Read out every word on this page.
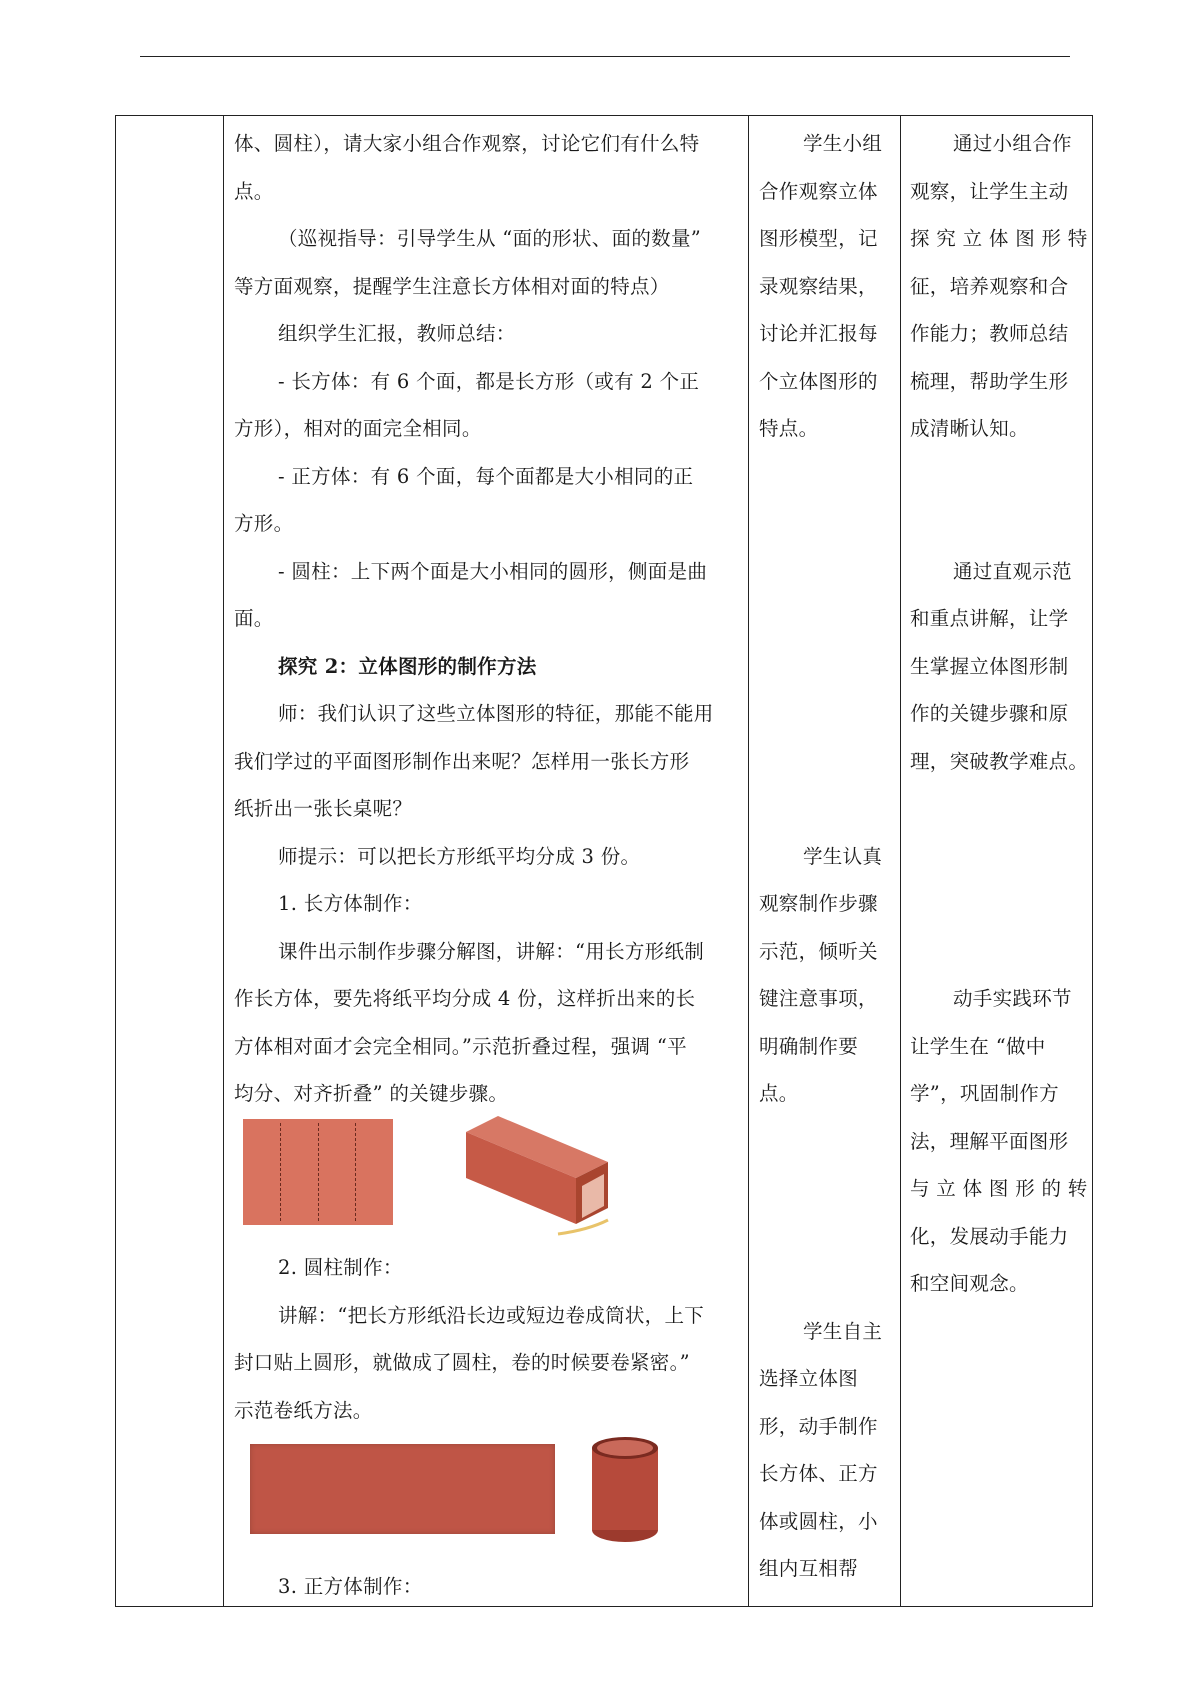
体、圆柱），请大家小组合作观察，讨论它们有什么特
点。
（巡视指导：引导学生从 “面的形状、面的数量”
等方面观察，提醒学生注意长方体相对面的特点）
组织学生汇报，教师总结：
- 长方体：有 6 个面，都是长方形（或有 2 个正
方形），相对的面完全相同。
- 正方体：有 6 个面，每个面都是大小相同的正
方形。
- 圆柱：上下两个面是大小相同的圆形，侧面是曲
面。
探究 2：立体图形的制作方法
师：我们认识了这些立体图形的特征，那能不能用
我们学过的平面图形制作出来呢？怎样用一张长方形
纸折出一张长桌呢？
师提示：可以把长方形纸平均分成 3 份。
1. 长方体制作：
课件出示制作步骤分解图，讲解：“用长方形纸制
作长方体，要先将纸平均分成 4 份，这样折出来的长
方体相对面才会完全相同。”示范折叠过程，强调 “平
均分、对齐折叠” 的关键步骤。
2. 圆柱制作：
讲解：“把长方形纸沿长边或短边卷成筒状，上下
封口贴上圆形，就做成了圆柱，卷的时候要卷紧密。”
示范卷纸方法。
3. 正方体制作：
学生小组
合作观察立体
图形模型，记
录观察结果，
讨论并汇报每
个立体图形的
特点。
学生认真
观察制作步骤
示范，倾听关
键注意事项，
明确制作要
点。
学生自主
选择立体图
形，动手制作
长方体、正方
体或圆柱，小
组内互相帮
通过小组合作
观察，让学生主动
探 究 立 体 图 形 特
征，培养观察和合
作能力；教师总结
梳理，帮助学生形
成清晰认知。
通过直观示范
和重点讲解，让学
生掌握立体图形制
作的关键步骤和原
理，突破教学难点。
动手实践环节
让学生在 “做中
学”，巩固制作方
法，理解平面图形
与 立 体 图 形 的 转
化，发展动手能力
和空间观念。
